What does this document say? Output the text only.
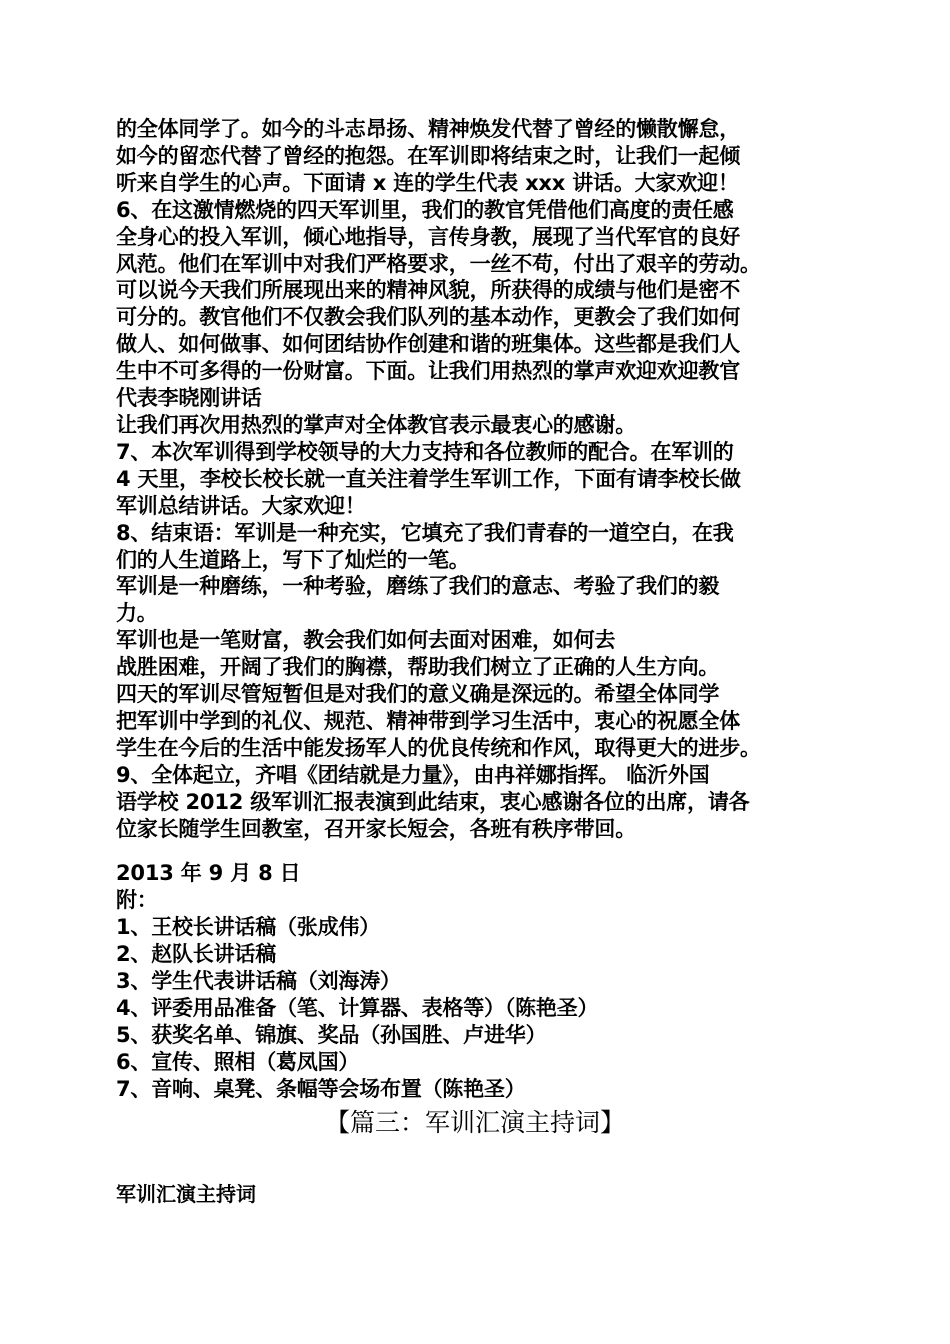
的全体同学了。如今的斗志昂扬、精神焕发代替了曾经的懒散懈怠，

如今的留恋代替了曾经的抱怨。在军训即将结束之时，让我们一起倾

听来自学生的心声。下面请 x 连的学生代表 xxx 讲话。大家欢迎！

6、在这激情燃烧的四天军训里，我们的教官凭借他们高度的责任感

全身心的投入军训，倾心地指导，言传身教，展现了当代军官的良好

风范。他们在军训中对我们严格要求，一丝不苟，付出了艰辛的劳动。

可以说今天我们所展现出来的精神风貌，所获得的成绩与他们是密不

可分的。教官他们不仅教会我们队列的基本动作，更教会了我们如何

做人、如何做事、如何团结协作创建和谐的班集体。这些都是我们人

生中不可多得的一份财富。下面。让我们用热烈的掌声欢迎欢迎教官

代表李晓刚讲话

让我们再次用热烈的掌声对全体教官表示最衷心的感谢。

7、本次军训得到学校领导的大力支持和各位教师的配合。在军训的

4 天里，李校长校长就一直关注着学生军训工作，下面有请李校长做

军训总结讲话。大家欢迎！

8、结束语：军训是一种充实，它填充了我们青春的一道空白，在我

们的人生道路上，写下了灿烂的一笔。

军训是一种磨练，一种考验，磨练了我们的意志、考验了我们的毅

力。

军训也是一笔财富，教会我们如何去面对困难，如何去

战胜困难，开阔了我们的胸襟，帮助我们树立了正确的人生方向。

四天的军训尽管短暂但是对我们的意义确是深远的。希望全体同学

把军训中学到的礼仪、规范、精神带到学习生活中，衷心的祝愿全体

学生在今后的生活中能发扬军人的优良传统和作风，取得更大的进步。

9、全体起立，齐唱《团结就是力量》，由冉祥娜指挥。 临沂外国

语学校 2012 级军训汇报表演到此结束，衷心感谢各位的出席，请各

位家长随学生回教室，召开家长短会，各班有秩序带回。

2013 年 9 月 8 日

附：

1、王校长讲话稿（张成伟）

2、赵队长讲话稿

3、学生代表讲话稿（刘海涛）

4、评委用品准备（笔、计算器、表格等）（陈艳圣）

5、获奖名单、锦旗、奖品（孙国胜、卢进华）

6、宣传、照相（葛凤国）

7、音响、桌凳、条幅等会场布置（陈艳圣）

【篇三：军训汇演主持词】

军训汇演主持词
